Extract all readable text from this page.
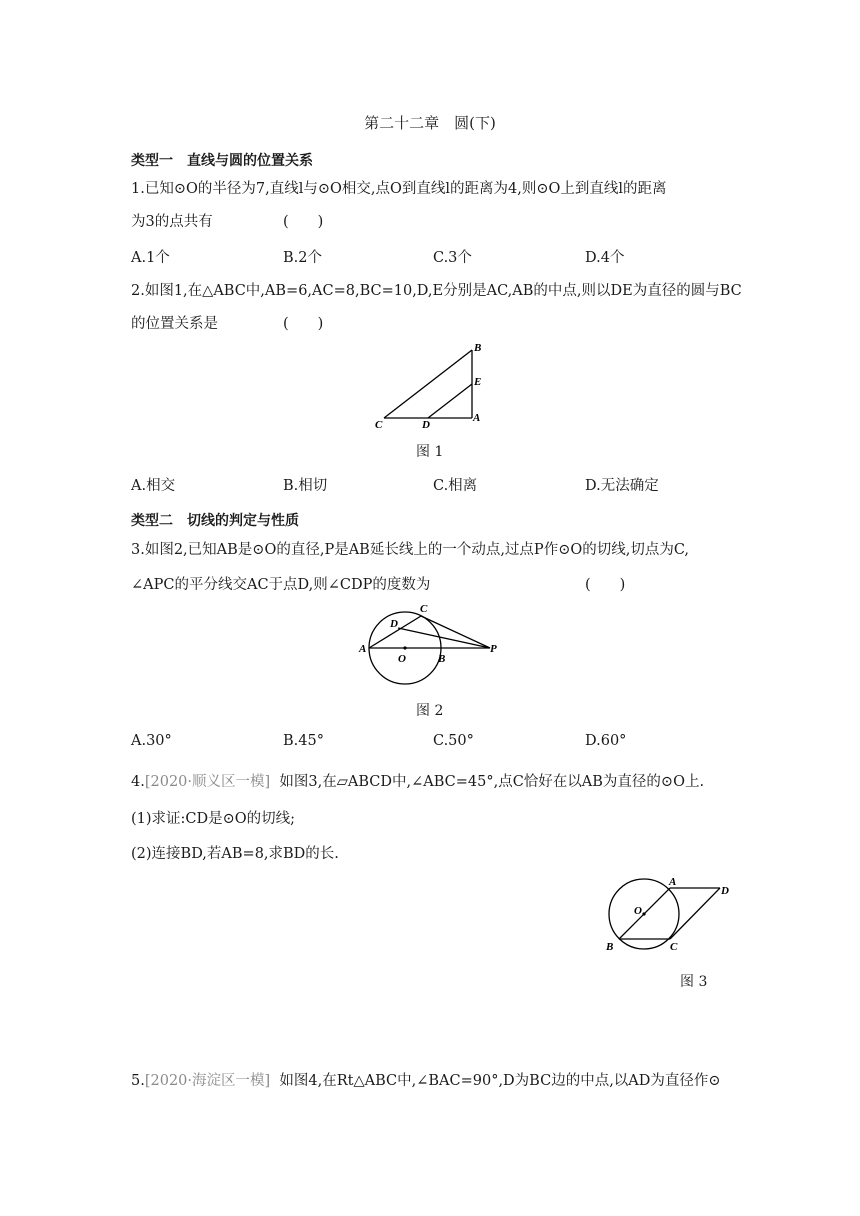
第二十二章　圆(下)
类型一　直线与圆的位置关系
1.已知⊙O的半径为7,直线l与⊙O相交,点O到直线l的距离为4,则⊙O上到直线l的距离
为3的点共有	(　　)
A.1个	B.2个	C.3个	D.4个
2.如图1,在△ABC中,AB=6,AC=8,BC=10,D,E分别是AC,AB的中点,则以DE为直径的圆与BC
的位置关系是	(　　)
B
E
C	D
A
图 1
A.相交	B.相切	C.相离	D.无法确定
类型二　切线的判定与性质
3.如图2,已知AB是⊙O的直径,P是AB延长线上的一个动点,过点P作⊙O的切线,切点为C,
∠APC的平分线交AC于点D,则∠CDP的度数为	(　　)
C
D
A
O	B
P
图 2
A.30°	B.45°	C.50°	D.60°
4.[2020·顺义区一模] 如图3,在▱ABCD中,∠ABC=45°,点C恰好在以AB为直径的⊙O上.
(1)求证:CD是⊙O的切线;
(2)连接BD,若AB=8,求BD的长.
A
D
O
B	C
图 3
5.[2020·海淀区一模] 如图4,在Rt△ABC中,∠BAC=90°,D为BC边的中点,以AD为直径作⊙
